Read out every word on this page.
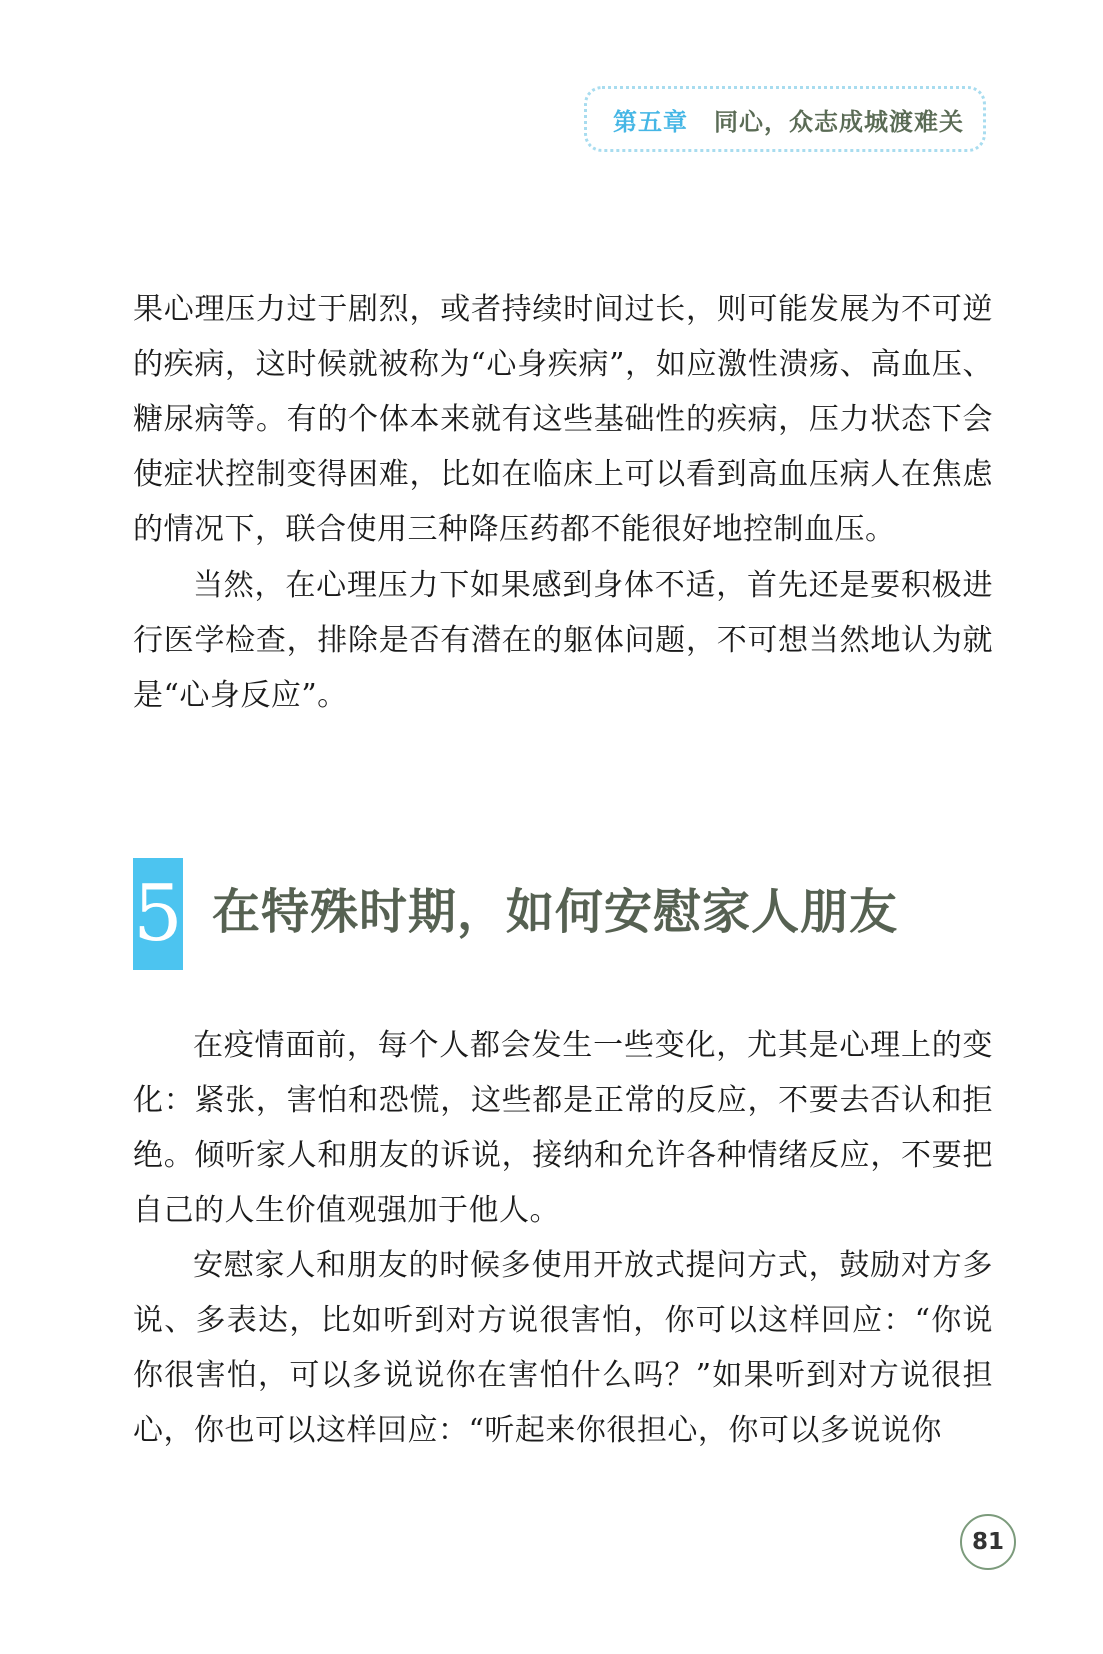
第五章 同心，众志成城渡难关

果心理压力过于剧烈，或者持续时间过长，则可能发展为不可逆的疾病，这时候就被称为“心身疾病”，如应激性溃疡、高血压、糖尿病等。有的个体本来就有这些基础性的疾病，压力状态下会使症状控制变得困难，比如在临床上可以看到高血压病人在焦虑的情况下，联合使用三种降压药都不能很好地控制血压。

当然，在心理压力下如果感到身体不适，首先还是要积极进行医学检查，排除是否有潜在的躯体问题，不可想当然地认为就是“心身反应”。

5 在特殊时期，如何安慰家人朋友

在疫情面前，每个人都会发生一些变化，尤其是心理上的变化：紧张，害怕和恐慌，这些都是正常的反应，不要去否认和拒绝。倾听家人和朋友的诉说，接纳和允许各种情绪反应，不要把自己的人生价值观强加于他人。

安慰家人和朋友的时候多使用开放式提问方式，鼓励对方多说、多表达，比如听到对方说很害怕，你可以这样回应：“你说你很害怕，可以多说说你在害怕什么吗？”如果听到对方说很担心，你也可以这样回应：“听起来你很担心，你可以多说说你

81
